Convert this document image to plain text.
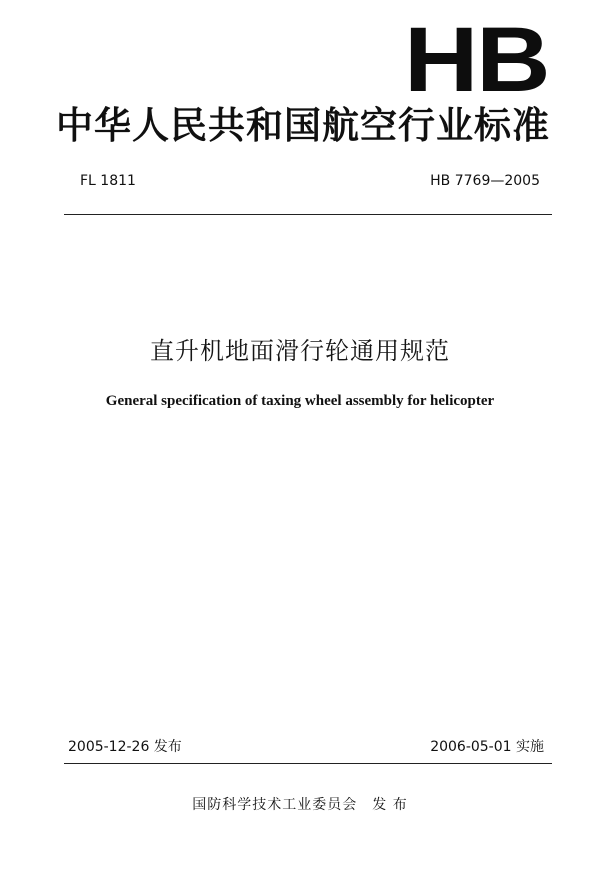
HB
中华人民共和国航空行业标准
FL 1811	HB 7769—2005
直升机地面滑行轮通用规范
General specification of taxing wheel assembly for helicopter
2005-12-26 发布	2006-05-01 实施
国防科学技术工业委员会　发 布
